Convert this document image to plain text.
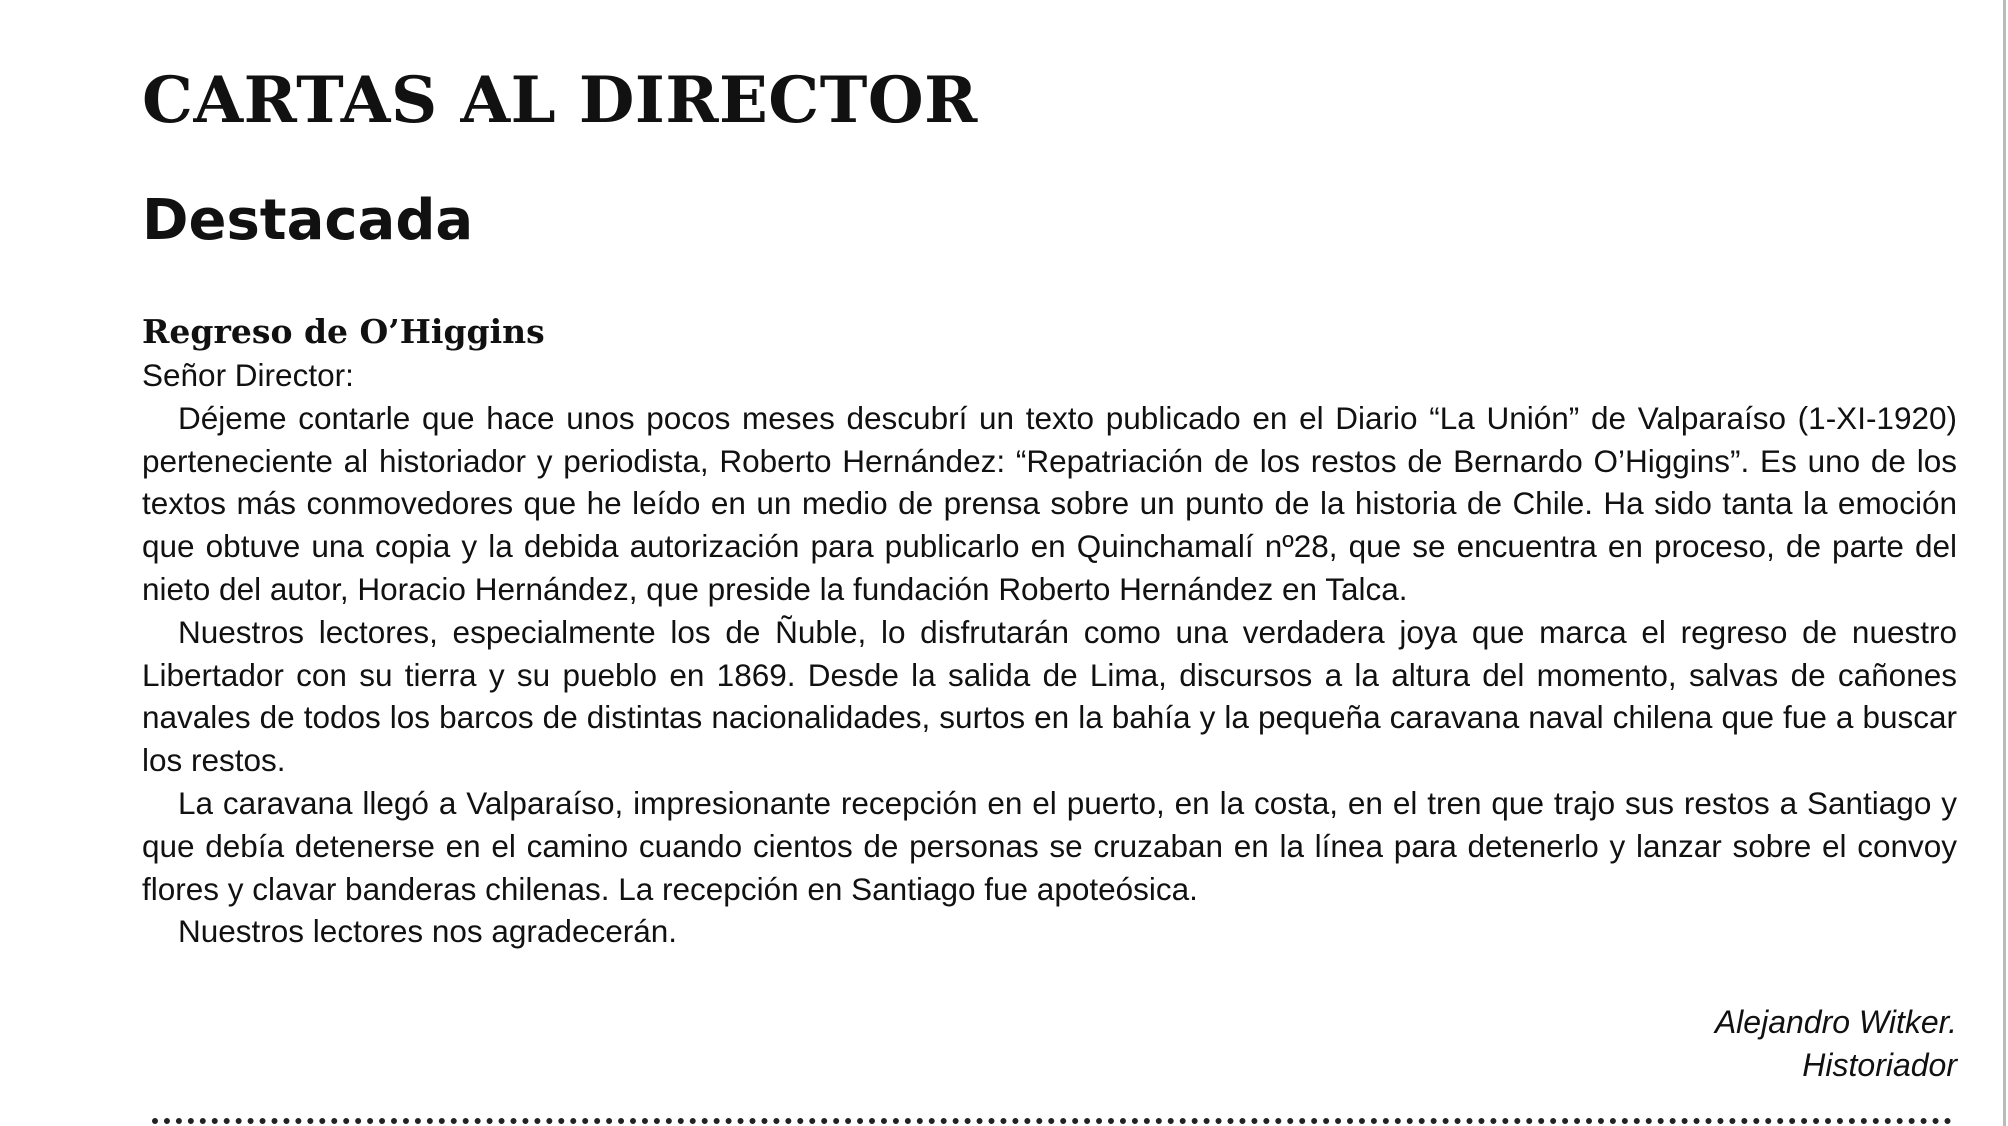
CARTAS AL DIRECTOR
Destacada
Regreso de O’Higgins

Señor Director:

Déjeme contarle que hace unos pocos meses descubrí un texto publicado en el Diario “La Unión” de Valparaíso (1-XI-1920) perteneciente al historiador y periodista, Roberto Hernández: “Repatriación de los restos de Bernardo O’Higgins”. Es uno de los textos más conmovedores que he leído en un medio de prensa sobre un punto de la historia de Chile. Ha sido tanta la emoción que obtuve una copia y la debida autorización para publicarlo en Quinchamalí nº28, que se encuentra en proceso, de parte del nieto del autor, Horacio Hernández, que preside la fundación Roberto Hernández en Talca.

Nuestros lectores, especialmente los de Ñuble, lo disfrutarán como una verdadera joya que marca el regreso de nuestro Libertador con su tierra y su pueblo en 1869. Desde la salida de Lima, discursos a la altura del momento, salvas de cañones navales de todos los barcos de distintas nacionalidades, surtos en la bahía y la pequeña caravana naval chilena que fue a buscar los restos.

La caravana llegó a Valparaíso, impresionante recepción en el puerto, en la costa, en el tren que trajo sus restos a Santiago y que debía detenerse en el camino cuando cientos de personas se cruzaban en la línea para detenerlo y lanzar sobre el convoy flores y clavar banderas chilenas. La recepción en Santiago fue apoteósica.

Nuestros lectores nos agradecerán.

Alejandro Witker.
Historiador
